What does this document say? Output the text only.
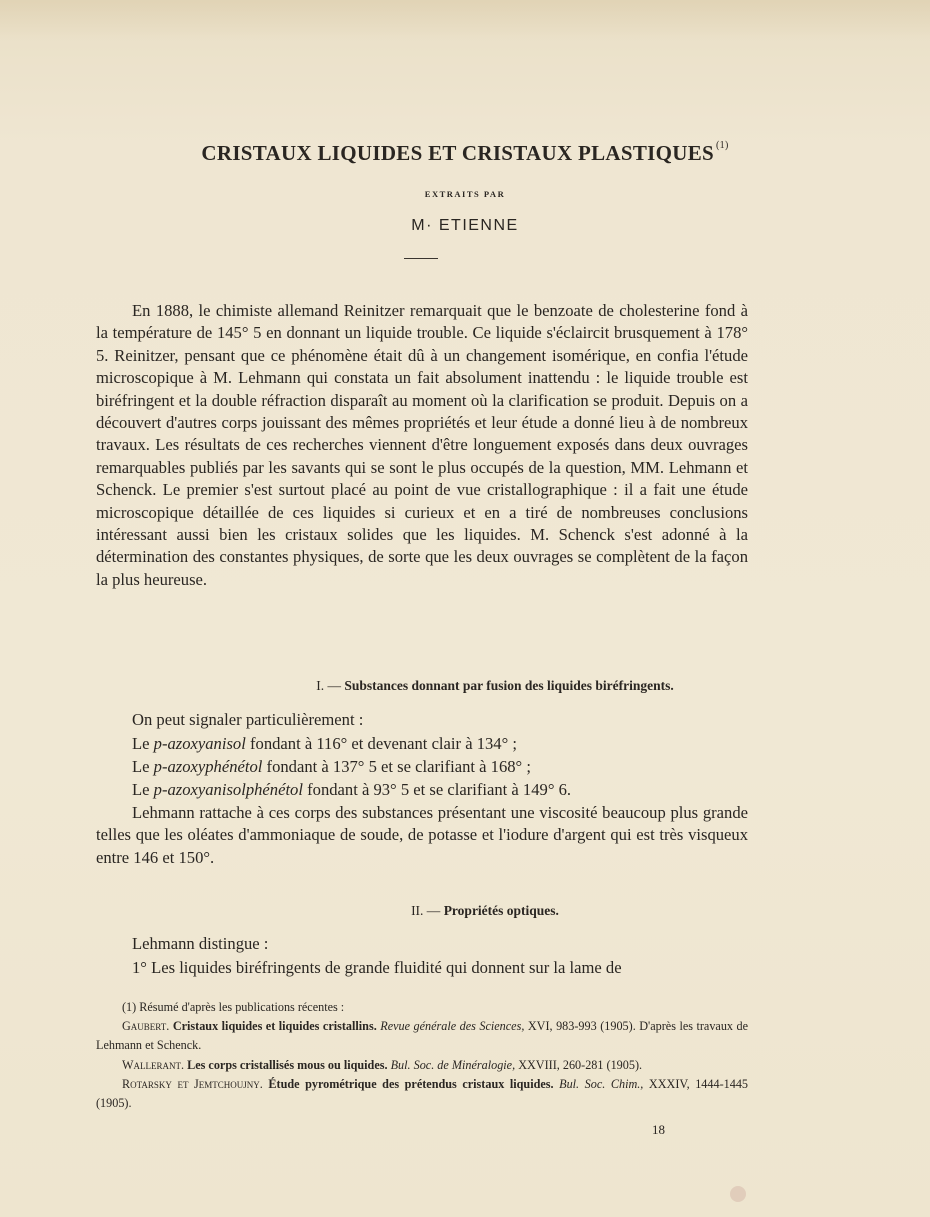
CRISTAUX LIQUIDES ET CRISTAUX PLASTIQUES $^{(1)}$
EXTRAITS PAR
M· ETIENNE

En 1888, le chimiste allemand Reinitzer remarquait que le benzoate de cholesterine fond à la température de 145° 5 en donnant un liquide trouble. Ce liquide s'éclaircit brusquement à 178° 5. Reinitzer, pensant que ce phénomène était dû à un changement isomérique, en confia l'étude microscopique à M. Lehmann qui constata un fait absolument inattendu : le liquide trouble est biréfringent et la double réfraction disparaît au moment où la clarification se produit. Depuis on a découvert d'autres corps jouissant des mêmes propriétés et leur étude a donné lieu à de nombreux travaux. Les résultats de ces recherches viennent d'être longuement exposés dans deux ouvrages remarquables publiés par les savants qui se sont le plus occupés de la question, MM. Lehmann et Schenck. Le premier s'est surtout placé au point de vue cristallographique : il a fait une étude microscopique détaillée de ces liquides si curieux et en a tiré de nombreuses conclusions intéressant aussi bien les cristaux solides que les liquides. M. Schenck s'est adonné à la détermination des constantes physiques, de sorte que les deux ouvrages se complètent de la façon la plus heureuse.

I. — Substances donnant par fusion des liquides biréfringents.

On peut signaler particulièrement :

Le p-azoxyanisol fondant à 116° et devenant clair à 134° ;

Le p-azoxyphénétol fondant à 137° 5 et se clarifiant à 168° ;

Le p-azoxyanisolphénétol fondant à 93° 5 et se clarifiant à 149° 6.

Lehmann rattache à ces corps des substances présentant une viscosité beaucoup plus grande telles que les oléates d'ammoniaque de soude, de potasse et l'iodure d'argent qui est très visqueux entre 146 et 150°.

II. — Propriétés optiques.

Lehmann distingue :

1° Les liquides biréfringents de grande fluidité qui donnent sur la lame de

(1) Résumé d'après les publications récentes :

Gaubert. Cristaux liquides et liquides cristallins. Revue générale des Sciences, XVI, 983-993 (1905). D'après les travaux de Lehmann et Schenck.

Wallerant. Les corps cristallisés mous ou liquides. Bul. Soc. de Minéralogie, XXVIII, 260-281 (1905).

Rotarsky et Jemtchoujny. Étude pyrométrique des prétendus cristaux liquides. Bul. Soc. Chim., XXXIV, 1444-1445 (1905).

18
